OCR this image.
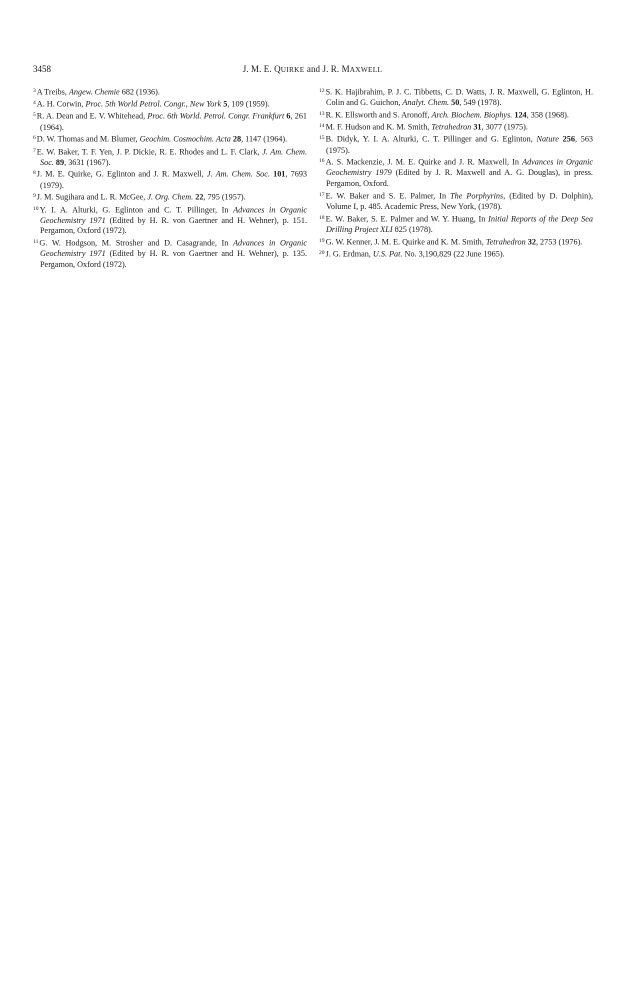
3458	J. M. E. QUIRKE and J. R. MAXWELL

$^3$A Treibs, Angew. Chemie 682 (1936).

$^4$A. H. Corwin, Proc. 5th World Petrol. Congr., New York 5, 109 (1959).

$^5$R. A. Dean and E. V. Whitehead, Proc. 6th World. Petrol. Congr. Frankfurt 6, 261 (1964).

$^6$D. W. Thomas and M. Blumer, Geochim. Cosmochim. Acta 28, 1147 (1964).

$^7$E. W. Baker, T. F. Yen, J. P. Dickie, R. E. Rhodes and L. F. Clark, J. Am. Chem. Soc. 89, 3631 (1967).

$^8$J. M. E. Quirke, G. Eglinton and J. R. Maxwell, J. Am. Chem. Soc. 101, 7693 (1979).

$^9$J. M. Sugihara and L. R. McGee, J. Org. Chem. 22, 795 (1957).

$^{10}$Y. I. A. Alturki, G. Eglinton and C. T. Pillinger, In Advances in Organic Geochemistry 1971 (Edited by H. R. von Gaertner and H. Wehner), p. 151. Pergamon, Oxford (1972).

$^{11}$G. W. Hodgson, M. Strosher and D. Casagrande, In Advances in Organic Geochemistry 1971 (Edited by H. R. von Gaertner and H. Wehner), p. 135. Pergamon, Oxford (1972).

$^{12}$S. K. Hajibrahim, P. J. C. Tibbetts, C. D. Watts, J. R. Maxwell, G. Eglinton, H. Colin and G. Guichon, Analyt. Chem. 50, 549 (1978).

$^{13}$R. K. Ellsworth and S. Aronoff, Arch. Biochem. Biophys. 124, 358 (1968).

$^{14}$M. F. Hudson and K. M. Smith, Tetrahedron 31, 3077 (1975).

$^{15}$B. Didyk, Y. I. A. Alturki, C. T. Pillinger and G. Eglinton, Nature 256, 563 (1975).

$^{16}$A. S. Mackenzie, J. M. E. Quirke and J. R. Maxwell, In Advances in Organic Geochemistry 1979 (Edited by J. R. Maxwell and A. G. Douglas), in press. Pergamon, Oxford.

$^{17}$E. W. Baker and S. E. Palmer, In The Porphyrins, (Edited by D. Dolphin), Volume I, p. 485. Academic Press, New York, (1978).

$^{18}$E. W. Baker, S. E. Palmer and W. Y. Huang, In Initial Reports of the Deep Sea Drilling Project XLI 825 (1978).

$^{19}$G. W. Kenner, J. M. E. Quirke and K. M. Smith, Tetrahedron 32, 2753 (1976).

$^{20}$J. G. Erdman, U.S. Pat. No. 3,190,829 (22 June 1965).
